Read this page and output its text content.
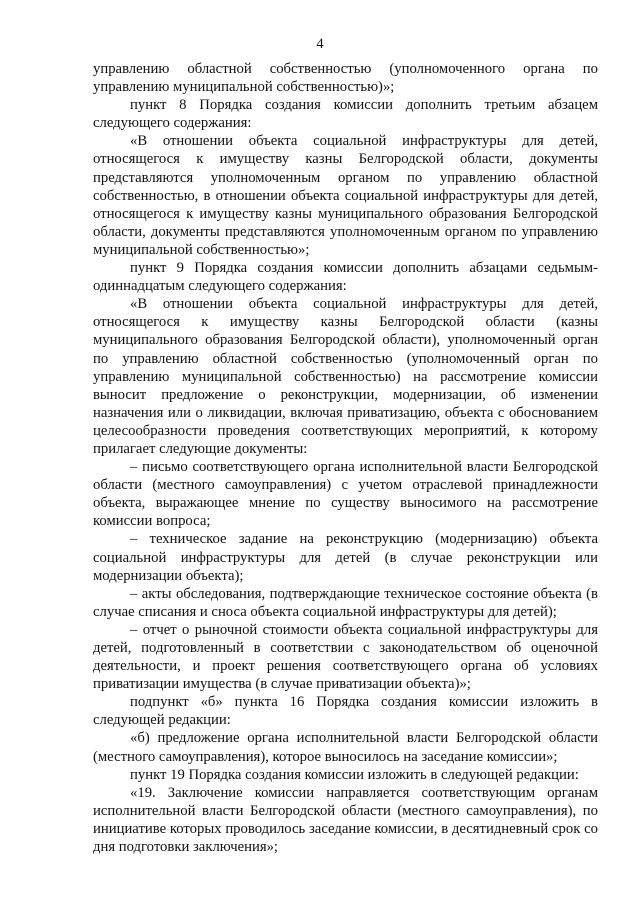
4

управлению областной собственностью (уполномоченного органа по управлению муниципальной собственностью)»;

пункт 8 Порядка создания комиссии дополнить третьим абзацем следующего содержания:

«В отношении объекта социальной инфраструктуры для детей, относящегося к имуществу казны Белгородской области, документы представляются уполномоченным органом по управлению областной собственностью, в отношении объекта социальной инфраструктуры для детей, относящегося к имуществу казны муниципального образования Белгородской области, документы представляются уполномоченным органом по управлению муниципальной собственностью»;

пункт 9 Порядка создания комиссии дополнить абзацами седьмым-одиннадцатым следующего содержания:

«В отношении объекта социальной инфраструктуры для детей, относящегося к имуществу казны Белгородской области (казны муниципального образования Белгородской области), уполномоченный орган по управлению областной собственностью (уполномоченный орган по управлению муниципальной собственностью) на рассмотрение комиссии выносит предложение о реконструкции, модернизации, об изменении назначения или о ликвидации, включая приватизацию, объекта с обоснованием целесообразности проведения соответствующих мероприятий, к которому прилагает следующие документы:

– письмо соответствующего органа исполнительной власти Белгородской области (местного самоуправления) с учетом отраслевой принадлежности объекта, выражающее мнение по существу выносимого на рассмотрение комиссии вопроса;

– техническое задание на реконструкцию (модернизацию) объекта социальной инфраструктуры для детей (в случае реконструкции или модернизации объекта);

– акты обследования, подтверждающие техническое состояние объекта (в случае списания и сноса объекта социальной инфраструктуры для детей);

– отчет о рыночной стоимости объекта социальной инфраструктуры для детей, подготовленный в соответствии с законодательством об оценочной деятельности, и проект решения соответствующего органа об условиях приватизации имущества (в случае приватизации объекта)»;

подпункт «б» пункта 16 Порядка создания комиссии изложить в следующей редакции:

«б) предложение органа исполнительной власти Белгородской области (местного самоуправления), которое выносилось на заседание комиссии»;

пункт 19 Порядка создания комиссии изложить в следующей редакции:

«19. Заключение комиссии направляется соответствующим органам исполнительной власти Белгородской области (местного самоуправления), по инициативе которых проводилось заседание комиссии, в десятидневный срок со дня подготовки заключения»;
